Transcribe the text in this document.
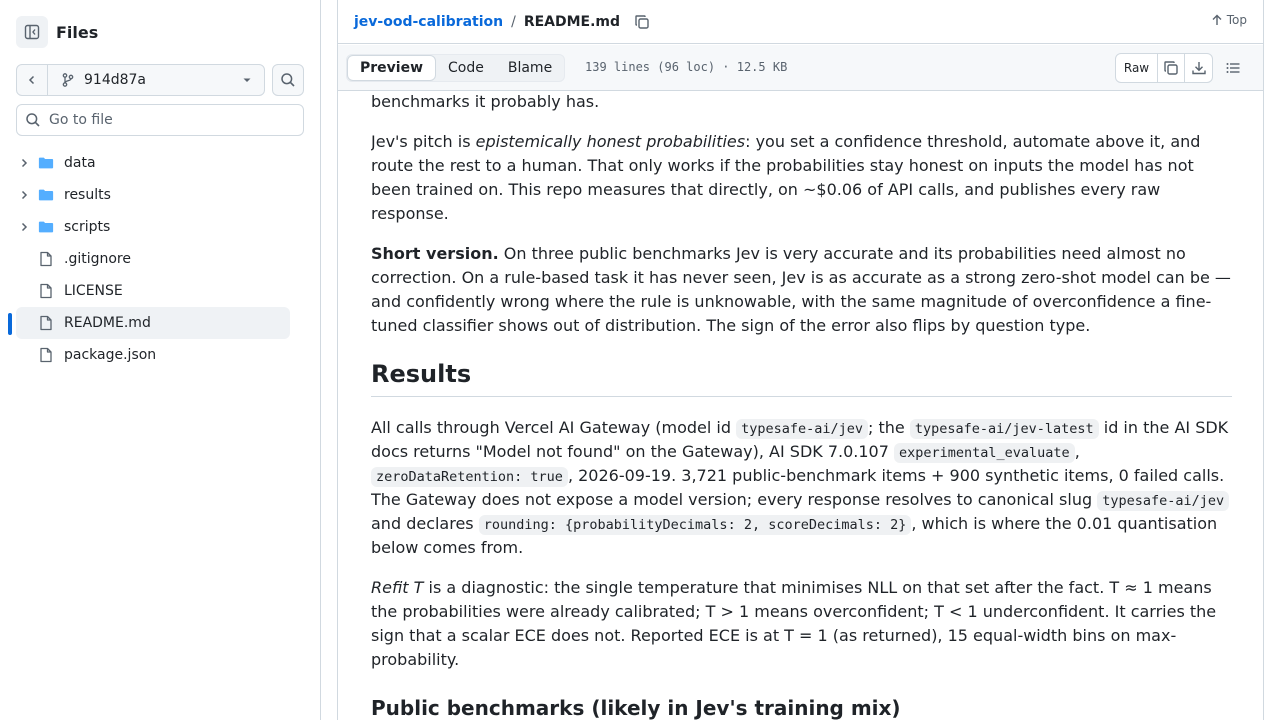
Files
914d87a
Go to file
data
results
scripts
.gitignore
LICENSE
README.md
package.json
jev-ood-calibration / README.md	Top
Preview	Code	Blame	139 lines (96 loc) · 12.5 KB	Raw
benchmarks it probably has.
Jev's pitch is epistemically honest probabilities: you set a confidence threshold, automate above it, and
route the rest to a human. That only works if the probabilities stay honest on inputs the model has not
been trained on. This repo measures that directly, on ~$0.06 of API calls, and publishes every raw
response.
Short version. On three public benchmarks Jev is very accurate and its probabilities need almost no
correction. On a rule-based task it has never seen, Jev is as accurate as a strong zero-shot model can be —
and confidently wrong where the rule is unknowable, with the same magnitude of overconfidence a fine-
tuned classifier shows out of distribution. The sign of the error also flips by question type.
Results
All calls through Vercel AI Gateway (model id typesafe-ai/jev ; the typesafe-ai/jev-latest id in the AI SDK
docs returns "Model not found" on the Gateway), AI SDK 7.0.107 experimental_evaluate ,
zeroDataRetention: true , 2026-09-19. 3,721 public-benchmark items + 900 synthetic items, 0 failed calls.
The Gateway does not expose a model version; every response resolves to canonical slug typesafe-ai/jev
and declares rounding: {probabilityDecimals: 2, scoreDecimals: 2} , which is where the 0.01 quantisation
below comes from.
Refit T is a diagnostic: the single temperature that minimises NLL on that set after the fact. T ≈ 1 means
the probabilities were already calibrated; T > 1 means overconfident; T < 1 underconfident. It carries the
sign that a scalar ECE does not. Reported ECE is at T = 1 (as returned), 15 equal-width bins on max-
probability.
Public benchmarks (likely in Jev's training mix)
